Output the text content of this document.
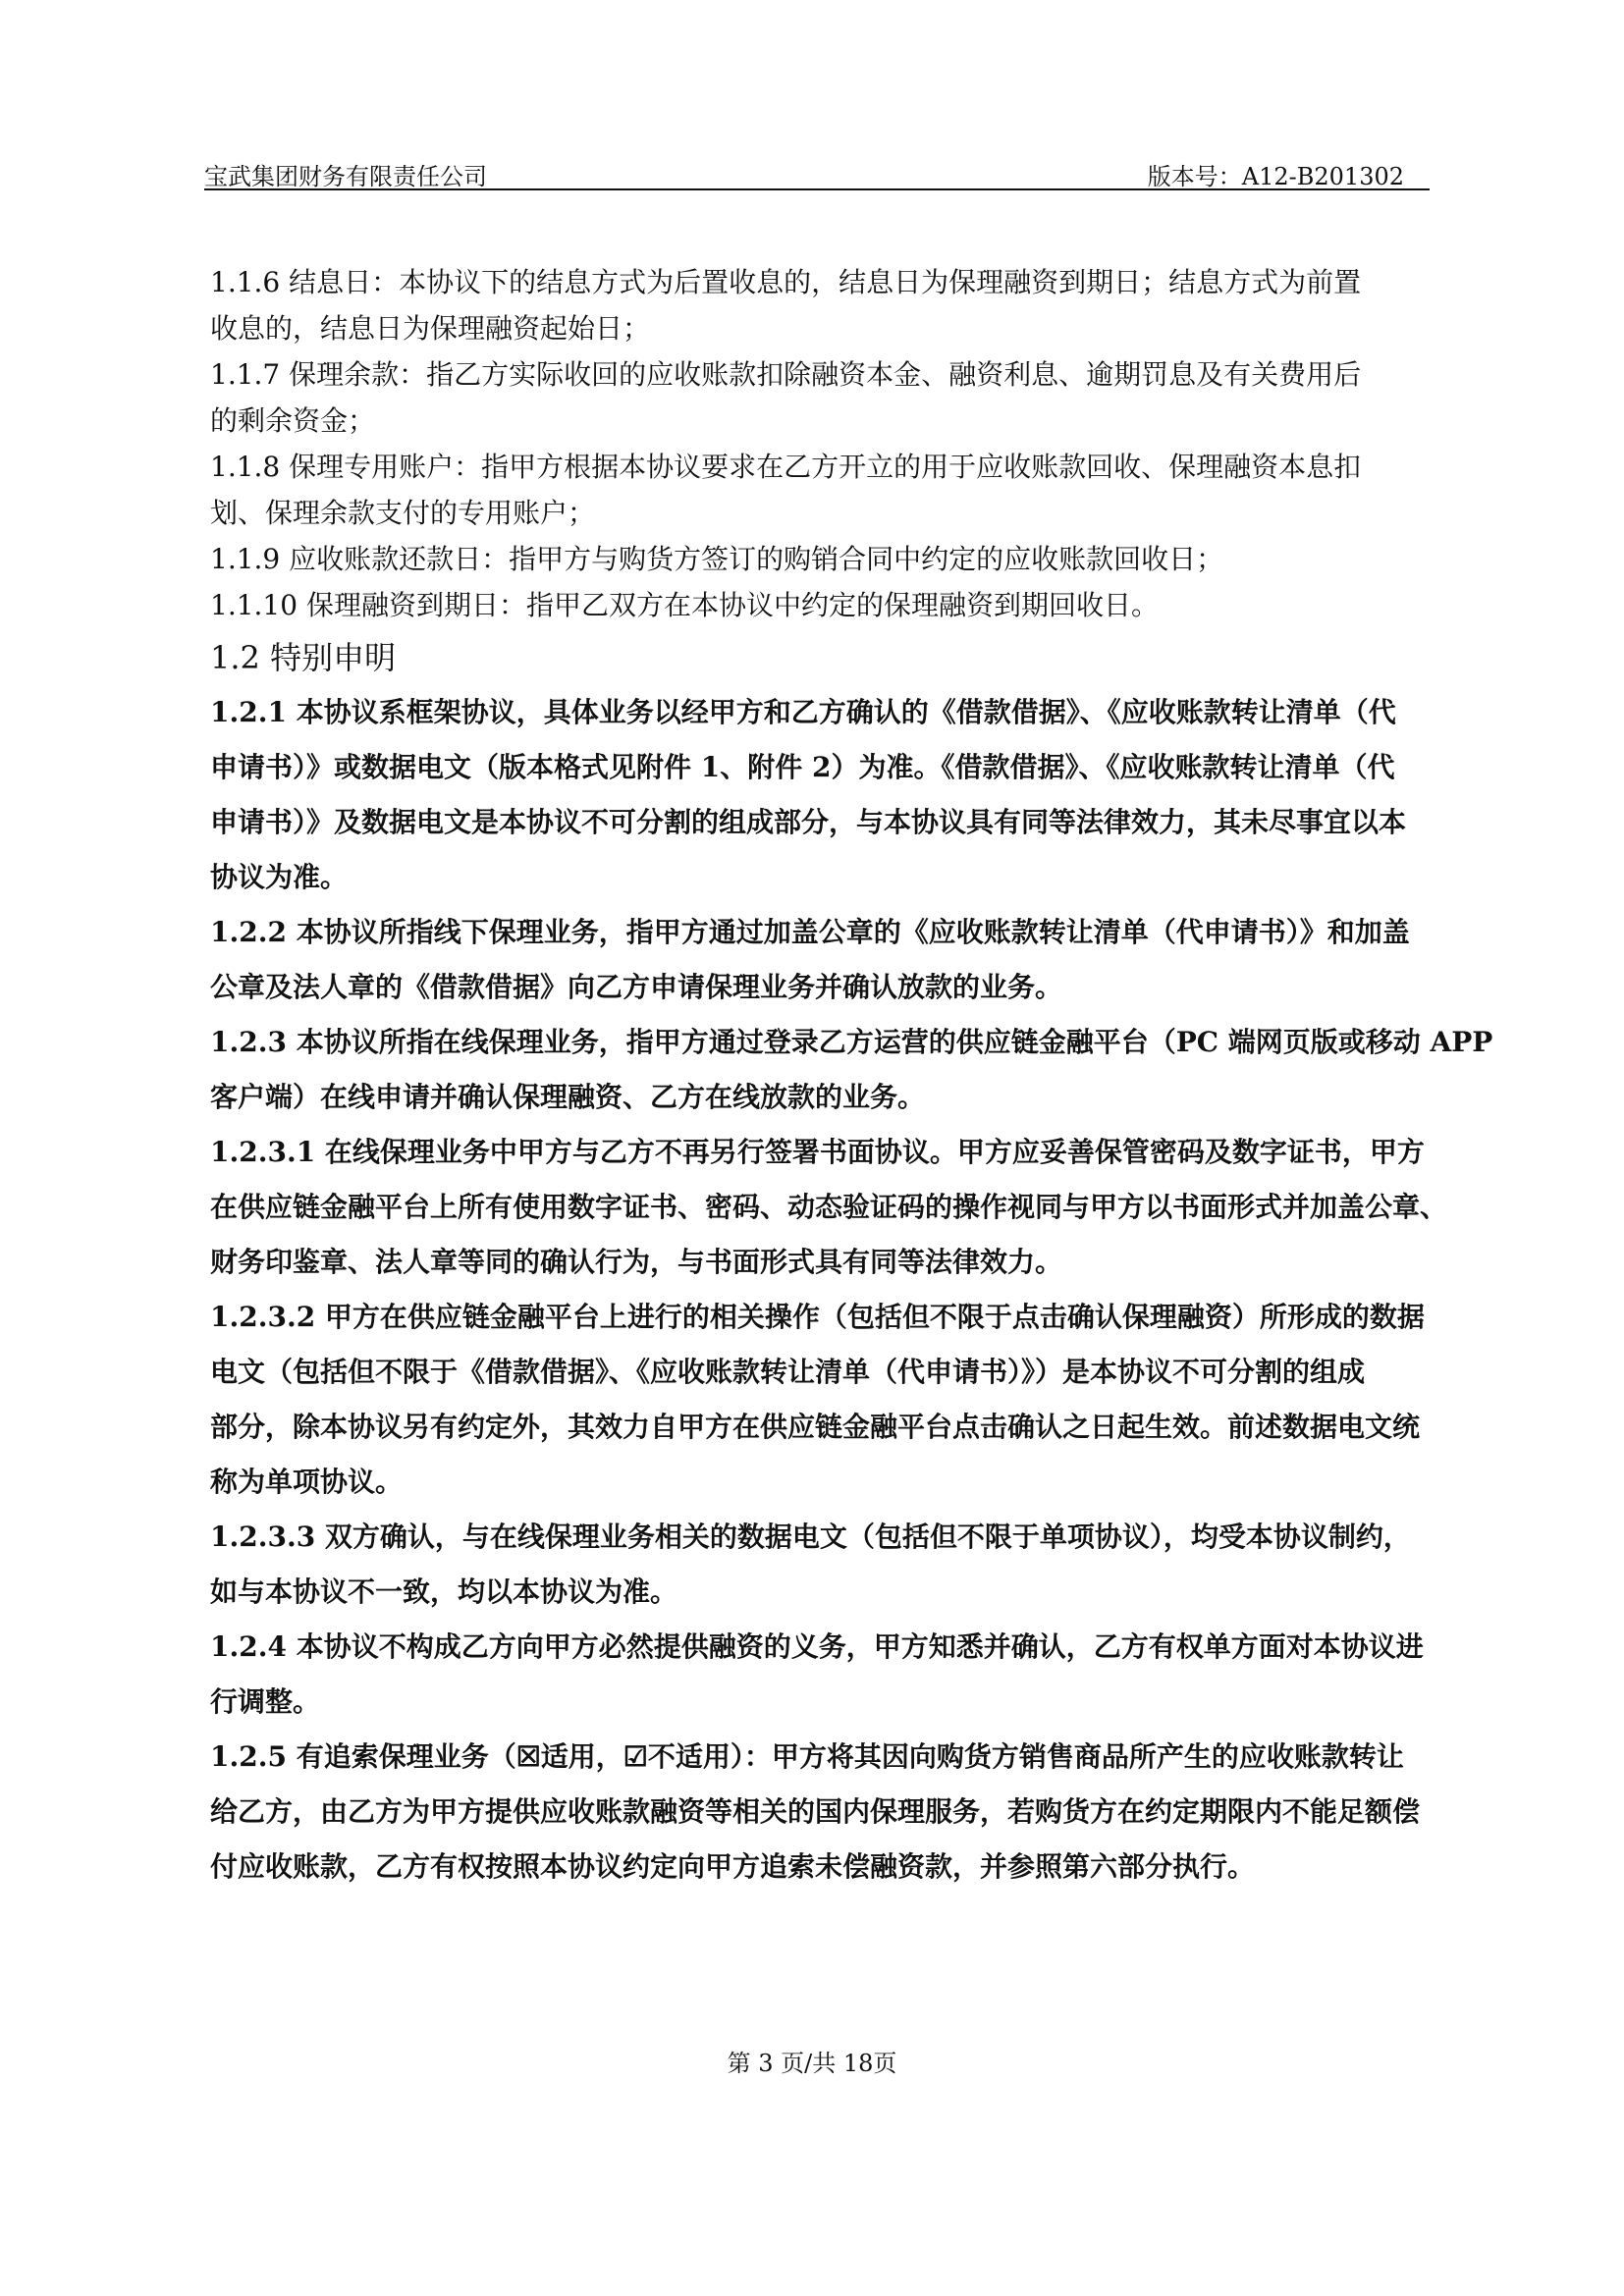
宝武集团财务有限责任公司	版本号：A12-B201302

1.1.6 结息日：本协议下的结息方式为后置收息的，结息日为保理融资到期日；结息方式为前置

收息的，结息日为保理融资起始日；

1.1.7 保理余款：指乙方实际收回的应收账款扣除融资本金、融资利息、逾期罚息及有关费用后

的剩余资金；

1.1.8 保理专用账户：指甲方根据本协议要求在乙方开立的用于应收账款回收、保理融资本息扣

划、保理余款支付的专用账户；

1.1.9 应收账款还款日：指甲方与购货方签订的购销合同中约定的应收账款回收日；

1.1.10 保理融资到期日：指甲乙双方在本协议中约定的保理融资到期回收日。

1.2 特别申明

1.2.1 本协议系框架协议，具体业务以经甲方和乙方确认的《借款借据》、《应收账款转让清单（代

申请书）》或数据电文（版本格式见附件 1、附件 2）为准。《借款借据》、《应收账款转让清单（代

申请书）》及数据电文是本协议不可分割的组成部分，与本协议具有同等法律效力，其未尽事宜以本

协议为准。

1.2.2 本协议所指线下保理业务，指甲方通过加盖公章的《应收账款转让清单（代申请书）》和加盖

公章及法人章的《借款借据》向乙方申请保理业务并确认放款的业务。

1.2.3 本协议所指在线保理业务，指甲方通过登录乙方运营的供应链金融平台（PC 端网页版或移动 APP

客户端）在线申请并确认保理融资、乙方在线放款的业务。

1.2.3.1 在线保理业务中甲方与乙方不再另行签署书面协议。甲方应妥善保管密码及数字证书，甲方

在供应链金融平台上所有使用数字证书、密码、动态验证码的操作视同与甲方以书面形式并加盖公章、

财务印鉴章、法人章等同的确认行为，与书面形式具有同等法律效力。

1.2.3.2 甲方在供应链金融平台上进行的相关操作（包括但不限于点击确认保理融资）所形成的数据

电文（包括但不限于《借款借据》、《应收账款转让清单（代申请书）》）是本协议不可分割的组成

部分，除本协议另有约定外，其效力自甲方在供应链金融平台点击确认之日起生效。前述数据电文统

称为单项协议。

1.2.3.3 双方确认，与在线保理业务相关的数据电文（包括但不限于单项协议），均受本协议制约，

如与本协议不一致，均以本协议为准。

1.2.4 本协议不构成乙方向甲方必然提供融资的义务，甲方知悉并确认，乙方有权单方面对本协议进

行调整。

1.2.5 有追索保理业务（☒适用，☑不适用）：甲方将其因向购货方销售商品所产生的应收账款转让

给乙方，由乙方为甲方提供应收账款融资等相关的国内保理服务，若购货方在约定期限内不能足额偿

付应收账款，乙方有权按照本协议约定向甲方追索未偿融资款，并参照第六部分执行。

第 3 页/共 18页
